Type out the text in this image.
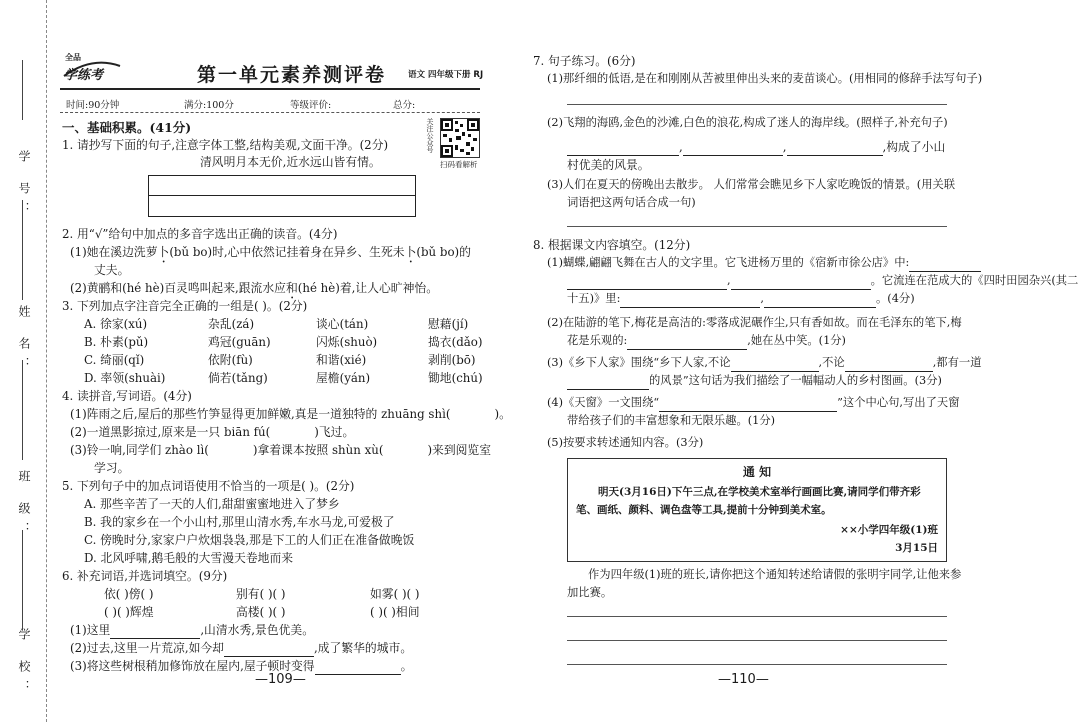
学 号：
姓 名：
班 级：
学 校：
全品
学练考	第一单元素养测评卷	语文 四年级下册 RJ
时间:90分钟	满分:100分	等级评价:	总分:
关注公众号
扫码看解析
一、基础积累。(41分)
1. 请抄写下面的句子,注意字体工整,结构美观,文面干净。(2分)
清风明月本无价,近水远山皆有情。
2. 用“√”给句中加点的多音字选出正确的读音。(4分)
(1)她在溪边洗萝卜(bǔ bo)时,心中依然记挂着身在异乡、生死未卜(bǔ bo)的
丈夫。
(2)黄鹂和(hé hè)百灵鸣叫起来,跟流水应和(hé hè)着,让人心旷神怡。
3. 下列加点字注音完全正确的一组是( )。(2分)
A. 徐家(xú)	杂乱(zá)	谈心(tán)	慰藉(jí)
B. 朴素(pǔ)	鸡冠(guān)	闪烁(shuò)	捣衣(dǎo)
C. 绮丽(qǐ)	依附(fù)	和谐(xié)	剥削(bō)
D. 率领(shuài)	倘若(tǎng)	屋檐(yán)	锄地(chú)
4. 读拼音,写词语。(4分)
(1)阵雨之后,屋后的那些竹笋显得更加鲜嫩,真是一道独特的 zhuāng shì(	)。
(2)一道黑影掠过,原来是一只 biān fú(	)飞过。
(3)铃一响,同学们 zhào lì(	)拿着课本按照 shùn xù(	)来到阅览室
学习。
5. 下列句子中的加点词语使用不恰当的一项是( )。(2分)
A. 那些辛苦了一天的人们,甜甜蜜蜜地进入了梦乡
B. 我的家乡在一个小山村,那里山清水秀,车水马龙,可爱极了
C. 傍晚时分,家家户户炊烟袅袅,那是下工的人们正在准备做晚饭
D. 北风呼啸,鹅毛般的大雪漫天卷地而来
6. 补充词语,并选词填空。(9分)
依( )傍( )	别有( )( )	如雾( )( )
( )( )辉煌	高楼( )( )	( )( )相间
(1)这里	,山清水秀,景色优美。
(2)过去,这里一片荒凉,如今却	,成了繁华的城市。
(3)将这些树根稍加修饰放在屋内,屋子顿时变得	。
—109—
7. 句子练习。(6分)
(1)那纤细的低语,是在和刚刚从苦被里伸出头来的麦苗谈心。(用相同的修辞手法写句子)
(2)飞翔的海鸥,金色的沙滩,白色的浪花,构成了迷人的海岸线。(照样子,补充句子)
,	,	,构成了小山
村优美的风景。
(3)人们在夏天的傍晚出去散步。 人们常常会瞧见乡下人家吃晚饭的情景。(用关联
词语把这两句话合成一句)
8. 根据课文内容填空。(12分)
(1)蝴蝶,翩翩飞舞在古人的文字里。它飞进杨万里的《宿新市徐公店》中:
,	。它流连在范成大的《四时田园杂兴(其二
十五)》里:	,	。(4分)
(2)在陆游的笔下,梅花是高洁的:零落成泥碾作尘,只有香如故。而在毛泽东的笔下,梅
花是乐观的:	,她在丛中笑。(1分)
(3)《乡下人家》围绕“乡下人家,不论	,不论	,都有一道
的风景”这句话为我们描绘了一幅幅动人的乡村图画。(3分)
(4)《天窗》一文围绕“	”这个中心句,写出了天窗
带给孩子们的丰富想象和无限乐趣。(1分)
(5)按要求转述通知内容。(3分)
通 知
明天(3月16日)下午三点,在学校美术室举行画画比赛,请同学们带齐彩
笔、画纸、颜料、调色盘等工具,提前十分钟到美术室。
××小学四年级(1)班
3月15日
作为四年级(1)班的班长,请你把这个通知转述给请假的张明宇同学,让他来参
加比赛。
—110—
